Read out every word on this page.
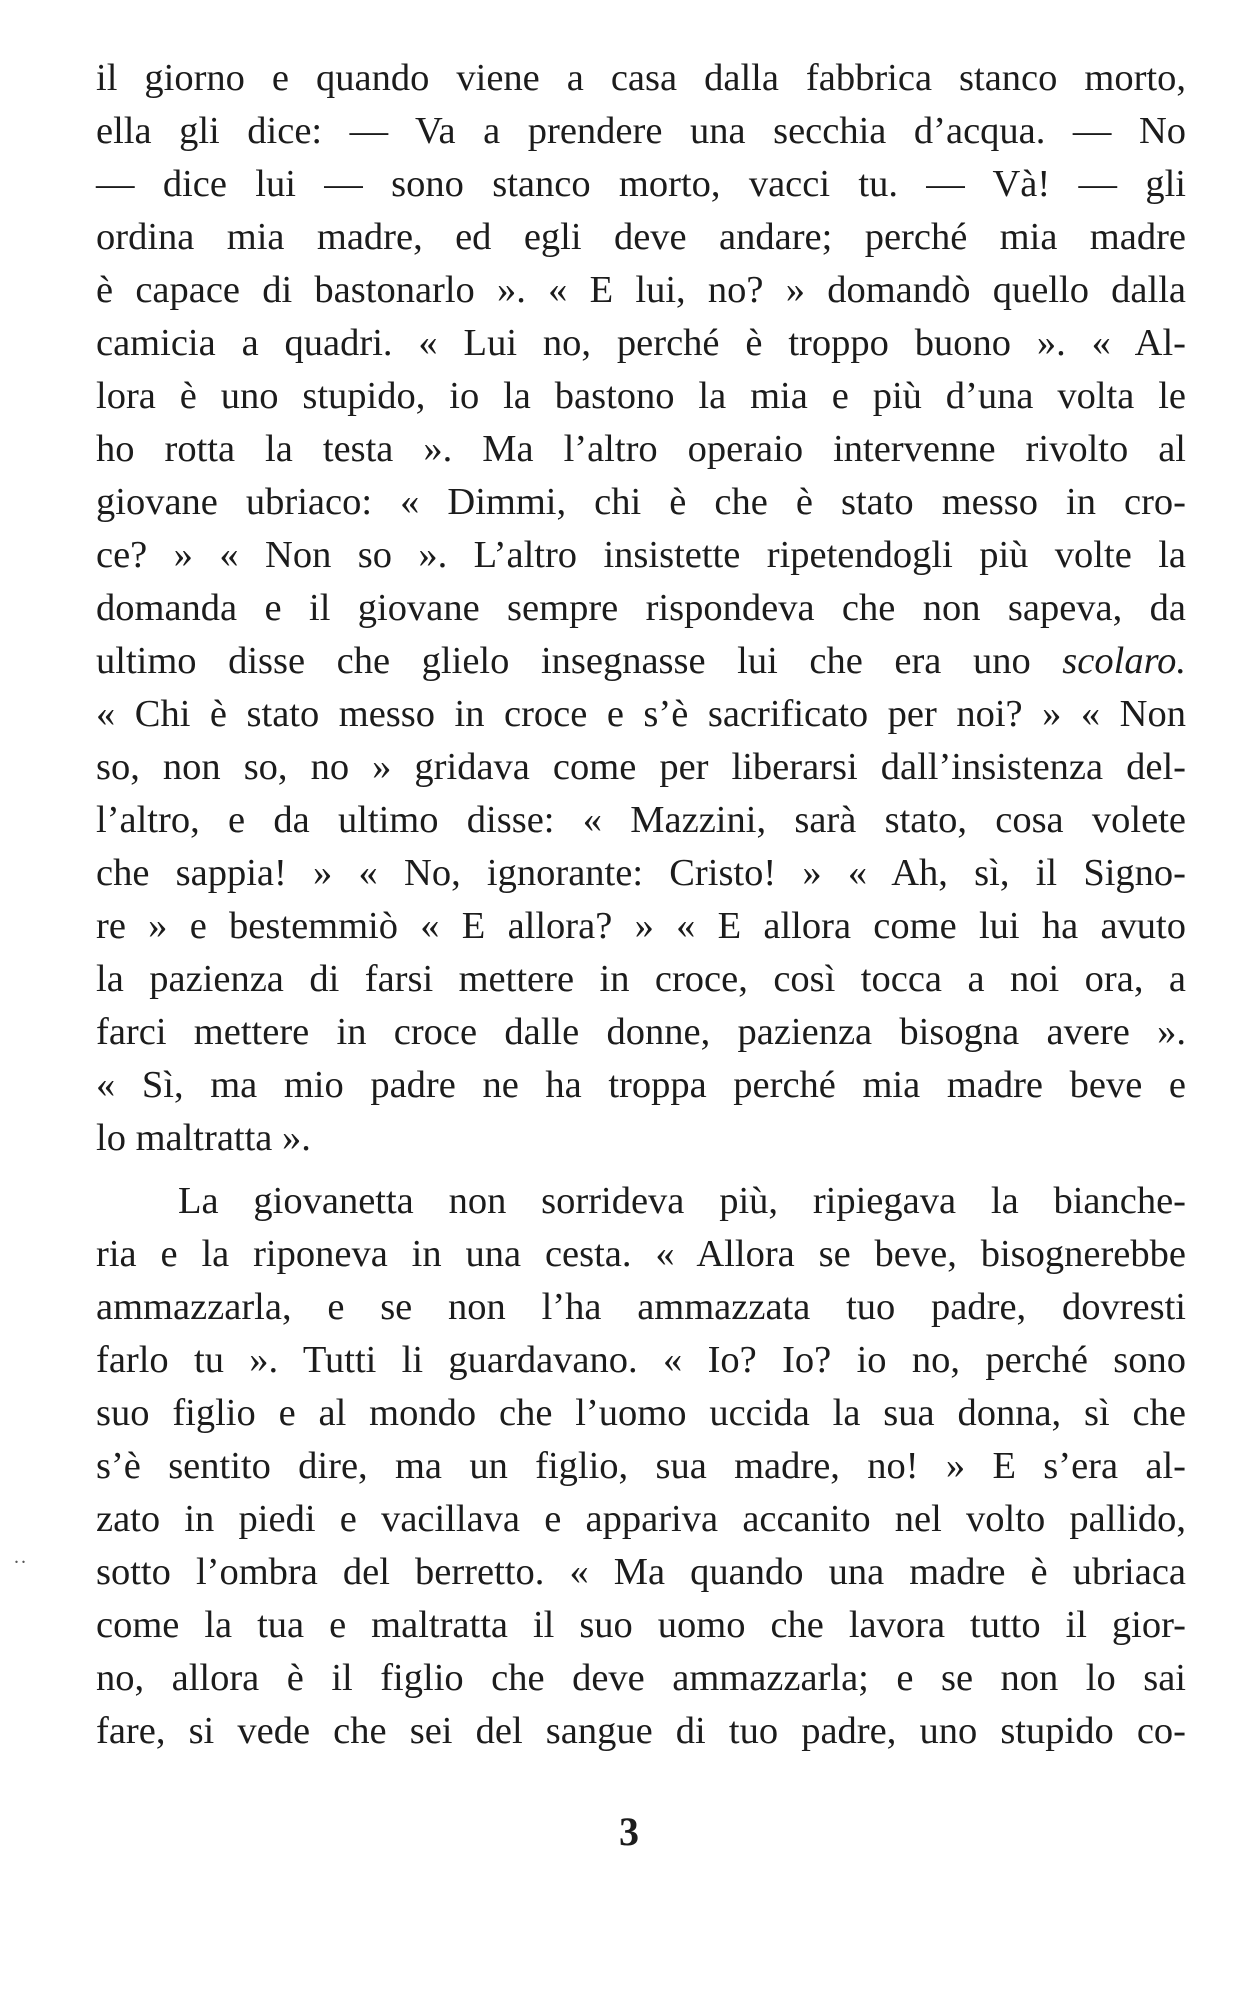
il giorno e quando viene a casa dalla fabbrica stanco morto,
ella gli dice: — Va a prendere una secchia d’acqua. — No
— dice lui — sono stanco morto, vacci tu. — Và! — gli
ordina mia madre, ed egli deve andare; perché mia madre
è capace di bastonarlo ». « E lui, no? » domandò quello dalla
camicia a quadri. « Lui no, perché è troppo buono ». « Al-
lora è uno stupido, io la bastono la mia e più d’una volta le
ho rotta la testa ». Ma l’altro operaio intervenne rivolto al
giovane ubriaco: « Dimmi, chi è che è stato messo in cro-
ce? » « Non so ». L’altro insistette ripetendogli più volte la
domanda e il giovane sempre rispondeva che non sapeva, da
ultimo disse che glielo insegnasse lui che era uno scolaro.
« Chi è stato messo in croce e s’è sacrificato per noi? » « Non
so, non so, no » gridava come per liberarsi dall’insistenza del-
l’altro, e da ultimo disse: « Mazzini, sarà stato, cosa volete
che sappia! » « No, ignorante: Cristo! » « Ah, sì, il Signo-
re » e bestemmiò « E allora? » « E allora come lui ha avuto
la pazienza di farsi mettere in croce, così tocca a noi ora, a
farci mettere in croce dalle donne, pazienza bisogna avere ».
« Sì, ma mio padre ne ha troppa perché mia madre beve e
lo maltratta ».
La giovanetta non sorrideva più, ripiegava la bianche-
ria e la riponeva in una cesta. « Allora se beve, bisognerebbe
ammazzarla, e se non l’ha ammazzata tuo padre, dovresti
farlo tu ». Tutti li guardavano. « Io? Io? io no, perché sono
suo figlio e al mondo che l’uomo uccida la sua donna, sì che
s’è sentito dire, ma un figlio, sua madre, no! » E s’era al-
zato in piedi e vacillava e appariva accanito nel volto pallido,
sotto l’ombra del berretto. « Ma quando una madre è ubriaca
come la tua e maltratta il suo uomo che lavora tutto il gior-
no, allora è il figlio che deve ammazzarla; e se non lo sai
fare, si vede che sei del sangue di tuo padre, uno stupido co-
..
3
